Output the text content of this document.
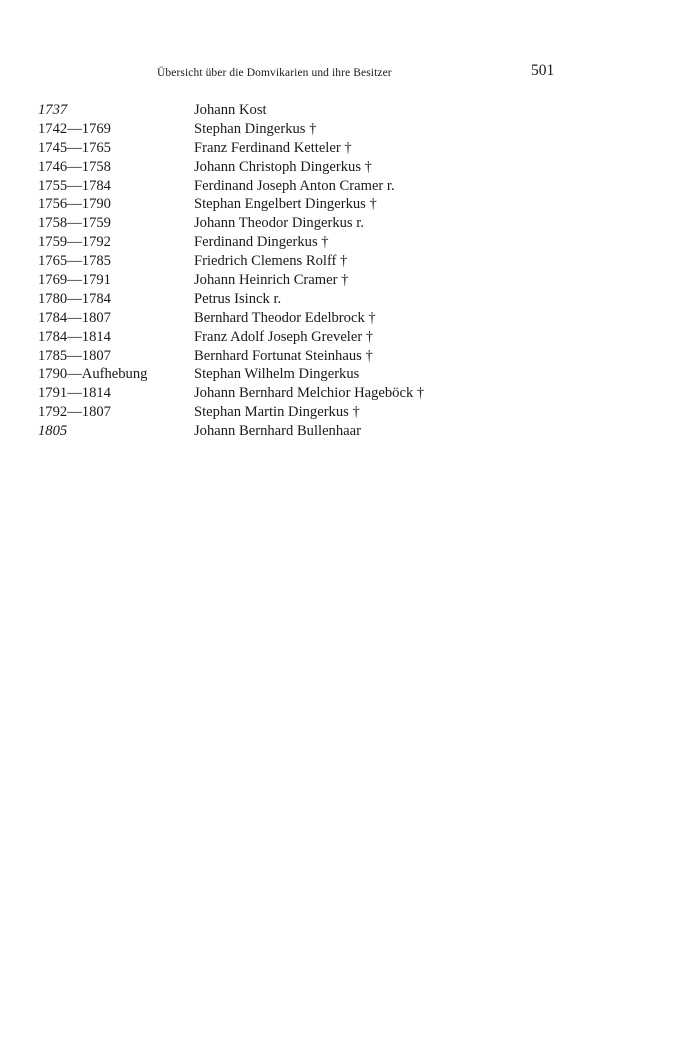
Übersicht über die Domvikarien und ihre Besitzer	501
1737	Johann Kost
1742—1769	Stephan Dingerkus †
1745—1765	Franz Ferdinand Ketteler †
1746—1758	Johann Christoph Dingerkus †
1755—1784	Ferdinand Joseph Anton Cramer r.
1756—1790	Stephan Engelbert Dingerkus †
1758—1759	Johann Theodor Dingerkus r.
1759—1792	Ferdinand Dingerkus †
1765—1785	Friedrich Clemens Rolff †
1769—1791	Johann Heinrich Cramer †
1780—1784	Petrus Isinck r.
1784—1807	Bernhard Theodor Edelbrock †
1784—1814	Franz Adolf Joseph Greveler †
1785—1807	Bernhard Fortunat Steinhaus †
1790—Aufhebung	Stephan Wilhelm Dingerkus
1791—1814	Johann Bernhard Melchior Hageböck †
1792—1807	Stephan Martin Dingerkus †
1805	Johann Bernhard Bullenhaar
